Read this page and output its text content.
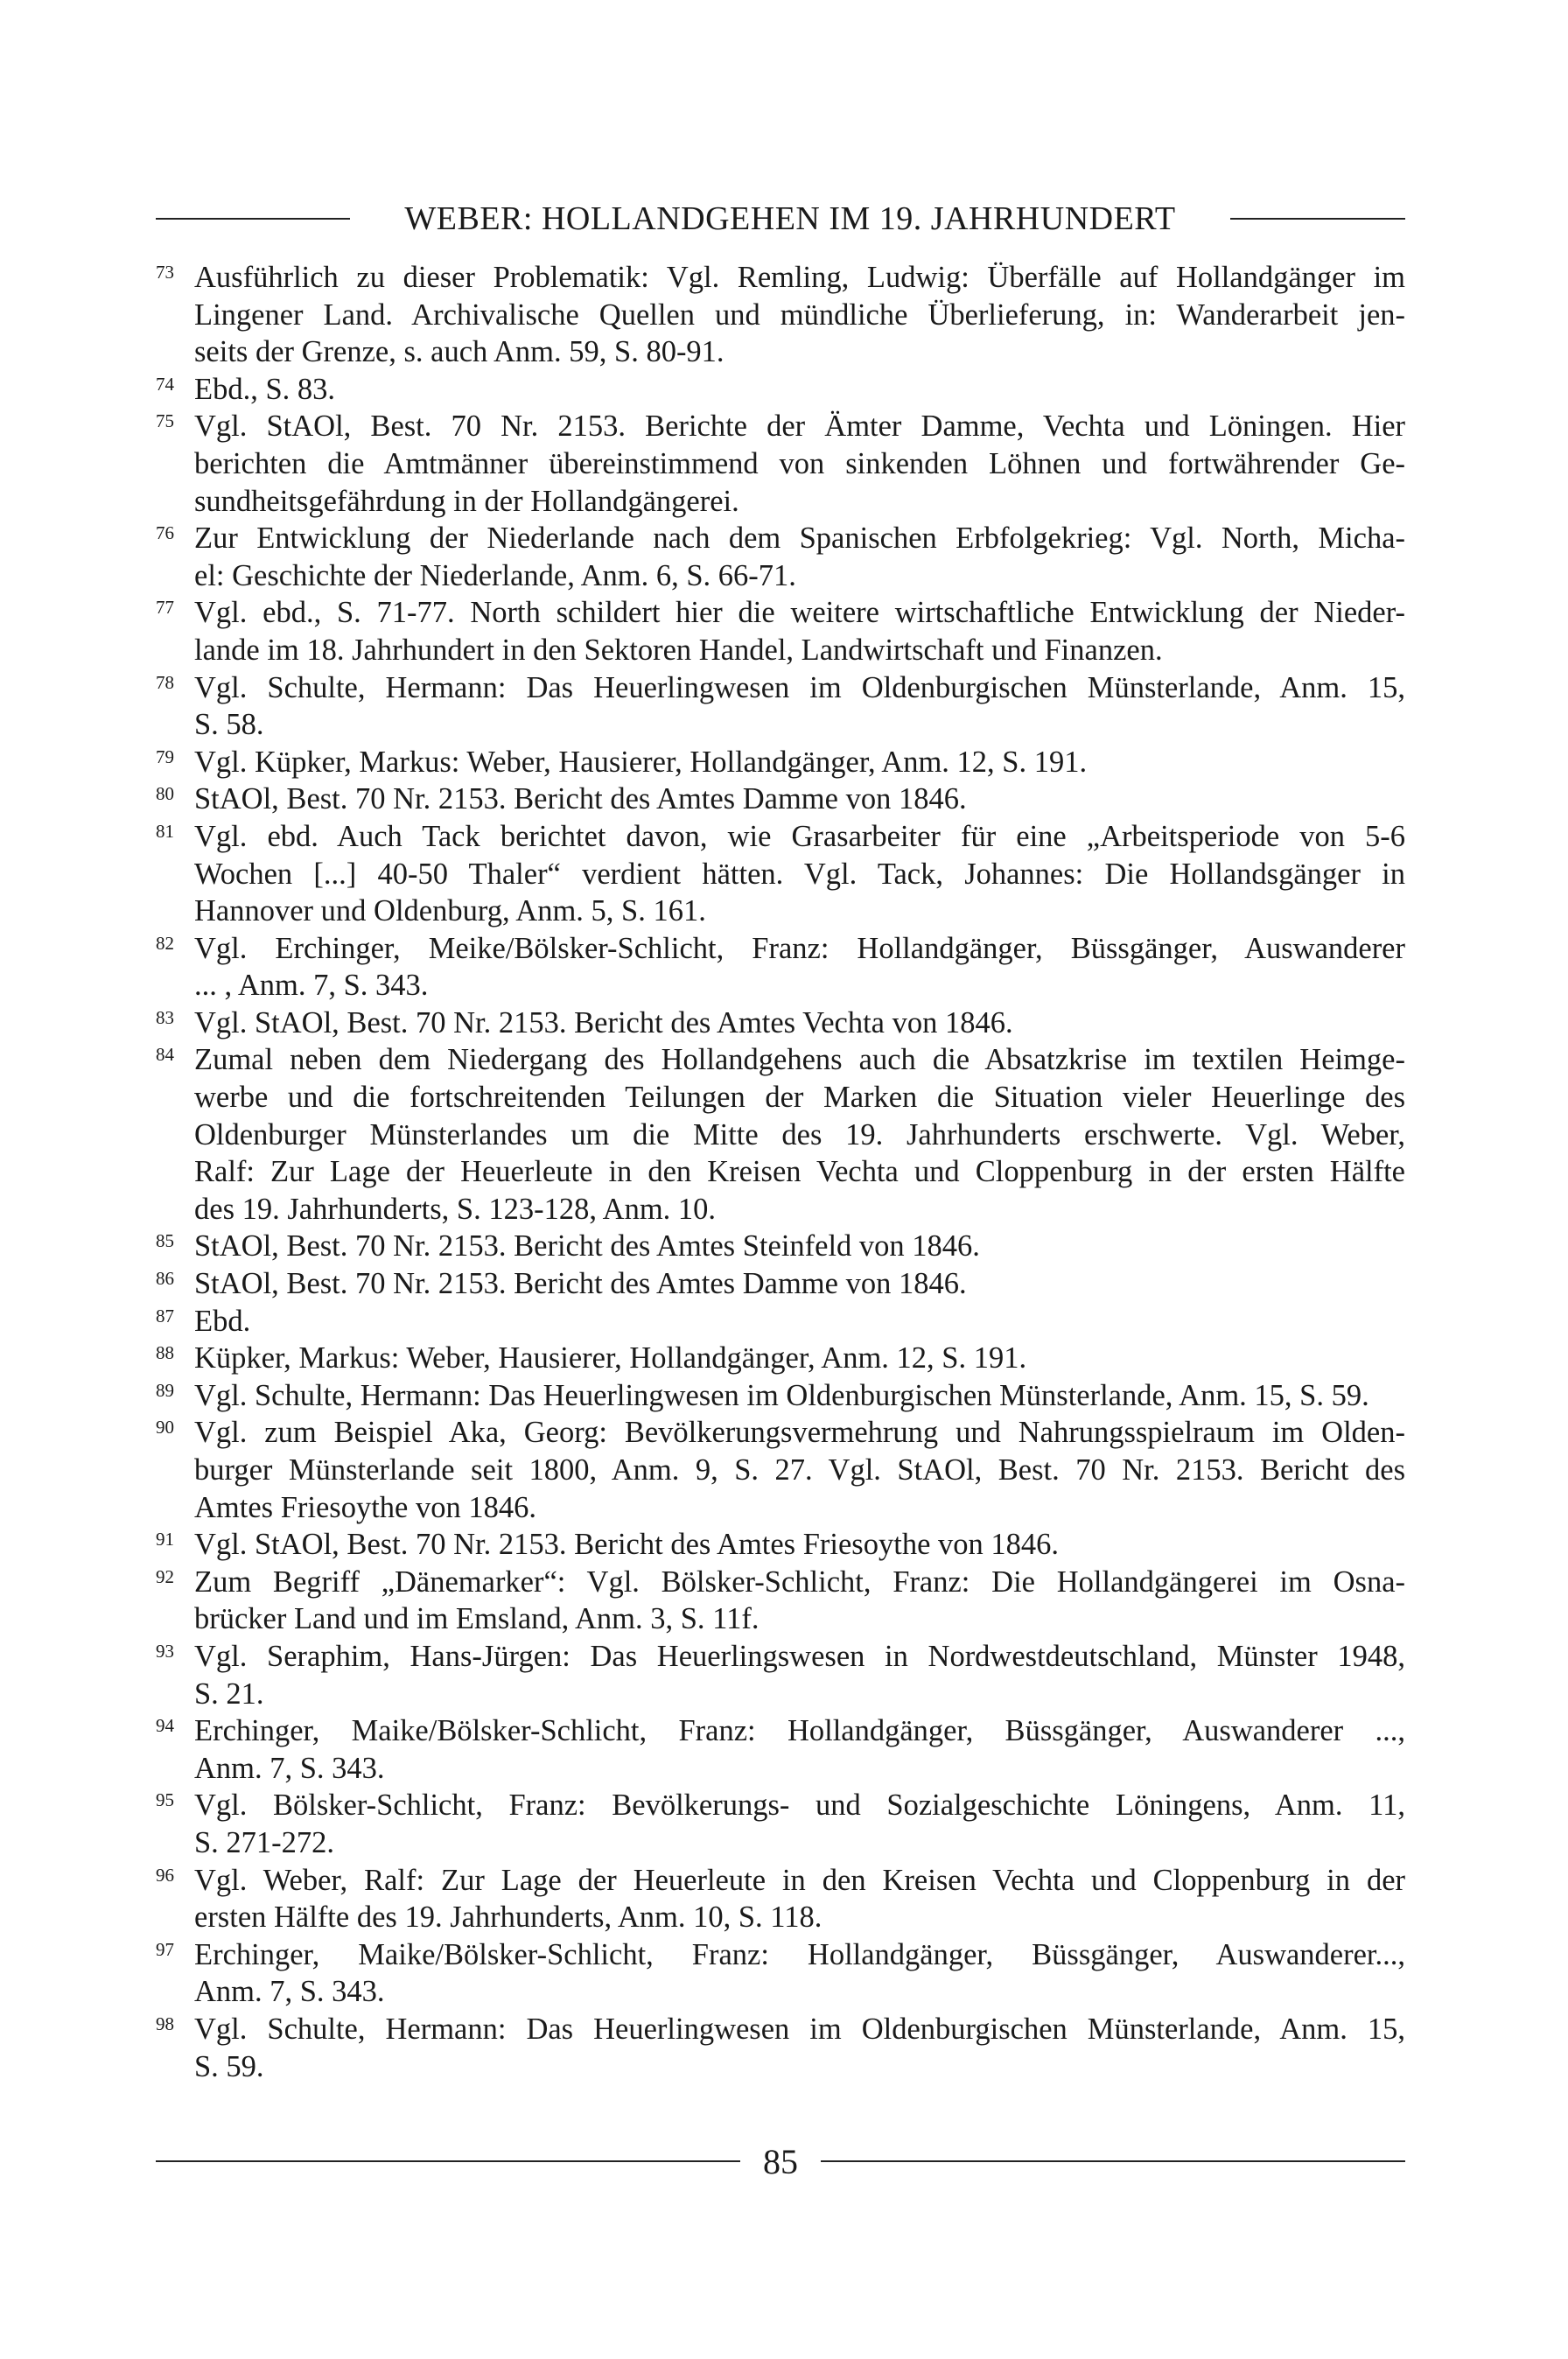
WEBER: HOLLANDGEHEN IM 19. JAHRHUNDERT
73 Ausführlich zu dieser Problematik: Vgl. Remling, Ludwig: Überfälle auf Hollandgänger im
Lingener Land. Archivalische Quellen und mündliche Überlieferung, in: Wanderarbeit jen-
seits der Grenze, s. auch Anm. 59, S. 80-91.
74 Ebd., S. 83.
75 Vgl. StAOl, Best. 70 Nr. 2153. Berichte der Ämter Damme, Vechta und Löningen. Hier
berichten die Amtmänner übereinstimmend von sinkenden Löhnen und fortwährender Ge-
sundheitsgefährdung in der Hollandgängerei.
76 Zur Entwicklung der Niederlande nach dem Spanischen Erbfolgekrieg: Vgl. North, Micha-
el: Geschichte der Niederlande, Anm. 6, S. 66-71.
77 Vgl. ebd., S. 71-77. North schildert hier die weitere wirtschaftliche Entwicklung der Nieder-
lande im 18. Jahrhundert in den Sektoren Handel, Landwirtschaft und Finanzen.
78 Vgl. Schulte, Hermann: Das Heuerlingwesen im Oldenburgischen Münsterlande, Anm. 15,
S. 58.
79 Vgl. Küpker, Markus: Weber, Hausierer, Hollandgänger, Anm. 12, S. 191.
80 StAOl, Best. 70 Nr. 2153. Bericht des Amtes Damme von 1846.
81 Vgl. ebd. Auch Tack berichtet davon, wie Grasarbeiter für eine „Arbeitsperiode von 5-6
Wochen [...] 40-50 Thaler“ verdient hätten. Vgl. Tack, Johannes: Die Hollandsgänger in
Hannover und Oldenburg, Anm. 5, S. 161.
82 Vgl. Erchinger, Meike/Bölsker-Schlicht, Franz: Hollandgänger, Büssgänger, Auswanderer
... , Anm. 7, S. 343.
83 Vgl. StAOl, Best. 70 Nr. 2153. Bericht des Amtes Vechta von 1846.
84 Zumal neben dem Niedergang des Hollandgehens auch die Absatzkrise im textilen Heimge-
werbe und die fortschreitenden Teilungen der Marken die Situation vieler Heuerlinge des
Oldenburger Münsterlandes um die Mitte des 19. Jahrhunderts erschwerte. Vgl. Weber,
Ralf: Zur Lage der Heuerleute in den Kreisen Vechta und Cloppenburg in der ersten Hälfte
des 19. Jahrhunderts, S. 123-128, Anm. 10.
85 StAOl, Best. 70 Nr. 2153. Bericht des Amtes Steinfeld von 1846.
86 StAOl, Best. 70 Nr. 2153. Bericht des Amtes Damme von 1846.
87 Ebd.
88 Küpker, Markus: Weber, Hausierer, Hollandgänger, Anm. 12, S. 191.
89 Vgl. Schulte, Hermann: Das Heuerlingwesen im Oldenburgischen Münsterlande, Anm. 15, S. 59.
90 Vgl. zum Beispiel Aka, Georg: Bevölkerungsvermehrung und Nahrungsspielraum im Olden-
burger Münsterlande seit 1800, Anm. 9, S. 27. Vgl. StAOl, Best. 70 Nr. 2153. Bericht des
Amtes Friesoythe von 1846.
91 Vgl. StAOl, Best. 70 Nr. 2153. Bericht des Amtes Friesoythe von 1846.
92 Zum Begriff „Dänemarker“: Vgl. Bölsker-Schlicht, Franz: Die Hollandgängerei im Osna-
brücker Land und im Emsland, Anm. 3, S. 11f.
93 Vgl. Seraphim, Hans-Jürgen: Das Heuerlingswesen in Nordwestdeutschland, Münster 1948,
S. 21.
94 Erchinger, Maike/Bölsker-Schlicht, Franz: Hollandgänger, Büssgänger, Auswanderer ...,
Anm. 7, S. 343.
95 Vgl. Bölsker-Schlicht, Franz: Bevölkerungs- und Sozialgeschichte Löningens, Anm. 11,
S. 271-272.
96 Vgl. Weber, Ralf: Zur Lage der Heuerleute in den Kreisen Vechta und Cloppenburg in der
ersten Hälfte des 19. Jahrhunderts, Anm. 10, S. 118.
97 Erchinger, Maike/Bölsker-Schlicht, Franz: Hollandgänger, Büssgänger, Auswanderer...,
Anm. 7, S. 343.
98 Vgl. Schulte, Hermann: Das Heuerlingwesen im Oldenburgischen Münsterlande, Anm. 15,
S. 59.
85
